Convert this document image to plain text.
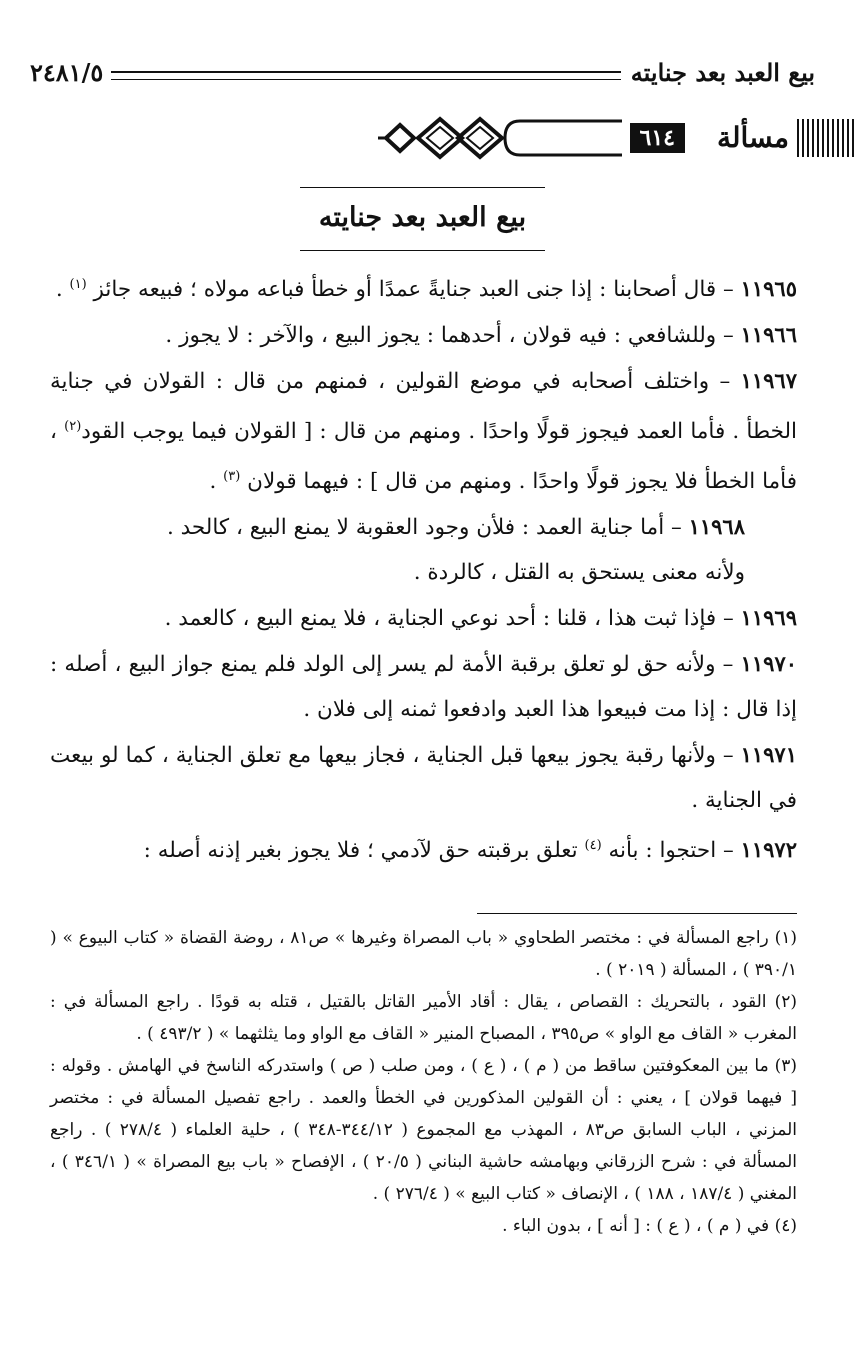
بيع العبد بعد جنايته
٢٤٨١/٥
مسألة
٦١٤
بيع العبد بعد جنايته

١١٩٦٥ – قال أصحابنا : إذا جنى العبد جنايةً عمدًا أو خطأ فباعه مولاه ؛ فبيعه جائز $^{(١)}$ .

١١٩٦٦ – وللشافعي : فيه قولان ، أحدهما : يجوز البيع ، والآخر : لا يجوز .

١١٩٦٧ – واختلف أصحابه في موضع القولين ، فمنهم من قال : القولان في جناية الخطأ . فأما العمد فيجوز قولًا واحدًا . ومنهم من قال : [ القولان فيما يوجب القود$^{(٢)}$ ، فأما الخطأ فلا يجوز قولًا واحدًا . ومنهم من قال ] : فيهما قولان $^{(٣)}$ .

١١٩٦٨ – أما جناية العمد : فلأن وجود العقوبة لا يمنع البيع ، كالحد .

ولأنه معنى يستحق به القتل ، كالردة .

١١٩٦٩ – فإذا ثبت هذا ، قلنا : أحد نوعي الجناية ، فلا يمنع البيع ، كالعمد .

١١٩٧٠ – ولأنه حق لو تعلق برقبة الأمة لم يسر إلى الولد فلم يمنع جواز البيع ، أصله : إذا قال : إذا مت فبيعوا هذا العبد وادفعوا ثمنه إلى فلان .

١١٩٧١ – ولأنها رقبة يجوز بيعها قبل الجناية ، فجاز بيعها مع تعلق الجناية ، كما لو بيعت في الجناية .

١١٩٧٢ – احتجوا : بأنه $^{(٤)}$ تعلق برقبته حق لآدمي ؛ فلا يجوز بغير إذنه أصله :

(١) راجع المسألة في : مختصر الطحاوي « باب المصراة وغيرها » ص٨١ ، روضة القضاة « كتاب البيوع » ( ٣٩٠/١ ) ، المسألة ( ٢٠١٩ ) .

(٢) القود ، بالتحريك : القصاص ، يقال : أقاد الأمير القاتل بالقتيل ، قتله به قودًا . راجع المسألة في : المغرب « القاف مع الواو » ص٣٩٥ ، المصباح المنير « القاف مع الواو وما يثلثهما » ( ٤٩٣/٢ ) .

(٣) ما بين المعكوفتين ساقط من ( م ) ، ( ع ) ، ومن صلب ( ص ) واستدركه الناسخ في الهامش . وقوله : [ فيهما قولان ] ، يعني : أن القولين المذكورين في الخطأ والعمد . راجع تفصيل المسألة في : مختصر المزني ، الباب السابق ص٨٣ ، المهذب مع المجموع ( ٣٤٤/١٢-٣٤٨ ) ، حلية العلماء ( ٢٧٨/٤ ) . راجع المسألة في : شرح الزرقاني وبهامشه حاشية البناني ( ٢٠/٥ ) ، الإفصاح « باب بيع المصراة » ( ٣٤٦/١ ) ، المغني ( ١٨٧/٤ ، ١٨٨ ) ، الإنصاف « كتاب البيع » ( ٢٧٦/٤ ) .

(٤) في ( م ) ، ( ع ) : [ أنه ] ، بدون الباء .
